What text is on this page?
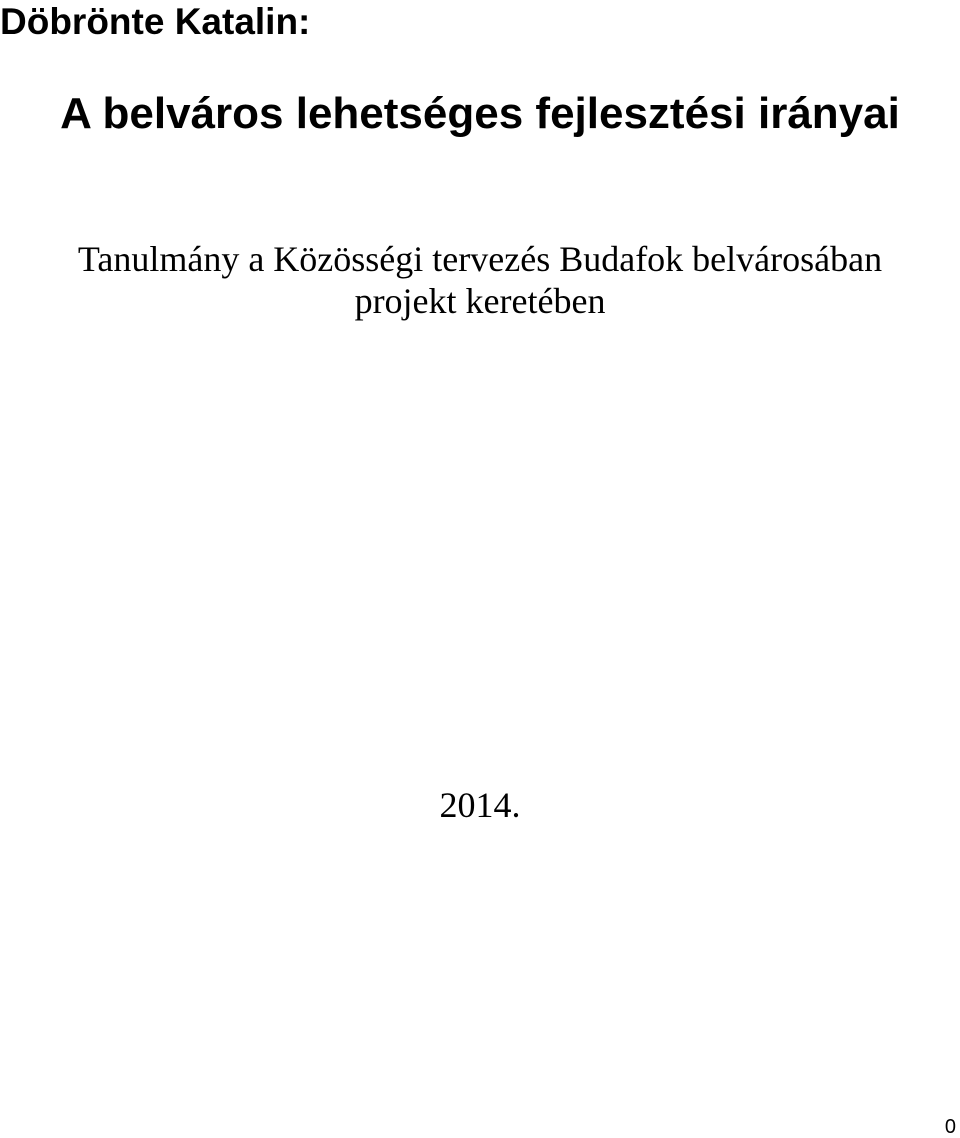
Döbrönte Katalin:
A belváros lehetséges fejlesztési irányai
Tanulmány a Közösségi tervezés Budafok belvárosában projekt keretében
2014.
0
